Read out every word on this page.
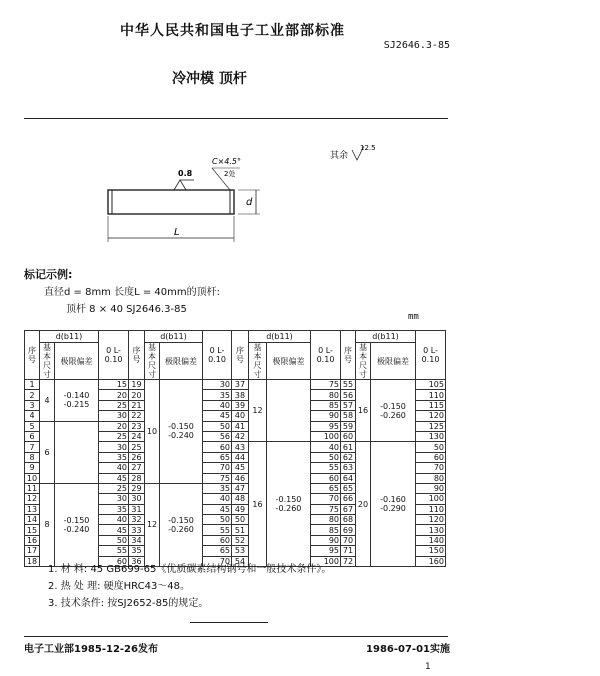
中华人民共和国电子工业部部标准
SJ2646.3-85
冷冲模 顶杆
L
d
0.8
C×4.5°
2处
其余
12.5
标记示例:
直径d = 8mm 长度L = 40mm的顶杆:
顶杆 8 × 40 SJ2646.3-85
mm
序号	d(b11)		0 L-0.10	序号	d(b11)		0 L-0.10	序号	d(b11)		0 L-0.10	序号	d(b11)		0 L-0.10
	基本尺寸	极限偏差			基本尺寸	极限偏差			基本尺寸	极限偏差			基本尺寸	极限偏差	
1	4	-0.140 -0.215	15	19	10	-0.150 -0.240	30	37	12		75	55	16	-0.150 -0.260	105
2			20	20			35	38			80	56			110
3			25	21			40	39			85	57			115
4			30	22			45	40			90	58			120
5	6		20	23			50	41			95	59			125
6			25	24			56	42			100	60			130
7			30	25			60	43	16	-0.150 -0.260	40	61	20	-0.160 -0.290	50
8			35	26			65	44			50	62			60
9			40	27			70	45			55	63			70
10			45	28			75	46			60	64			80
11	8	-0.150 -0.240	25	29	12	-0.150 -0.260	35	47			65	65			90
12			30	30			40	48			70	66			100
13			35	31			45	49			75	67			110
14			40	32			50	50			80	68			120
15			45	33			55	51			85	69			130
16			50	34			60	52			90	70			140
17			55	35			65	53			95	71			150
18			60	36			70	54			100	72			160
1. 材 料: 45 GB699-65《优质碳素结构钢号和一般技术条件》。
2. 热 处 理: 硬度HRC43～48。
3. 技术条件: 按SJ2652-85的规定。
电子工业部1985-12-26发布	1986-07-01实施
1
